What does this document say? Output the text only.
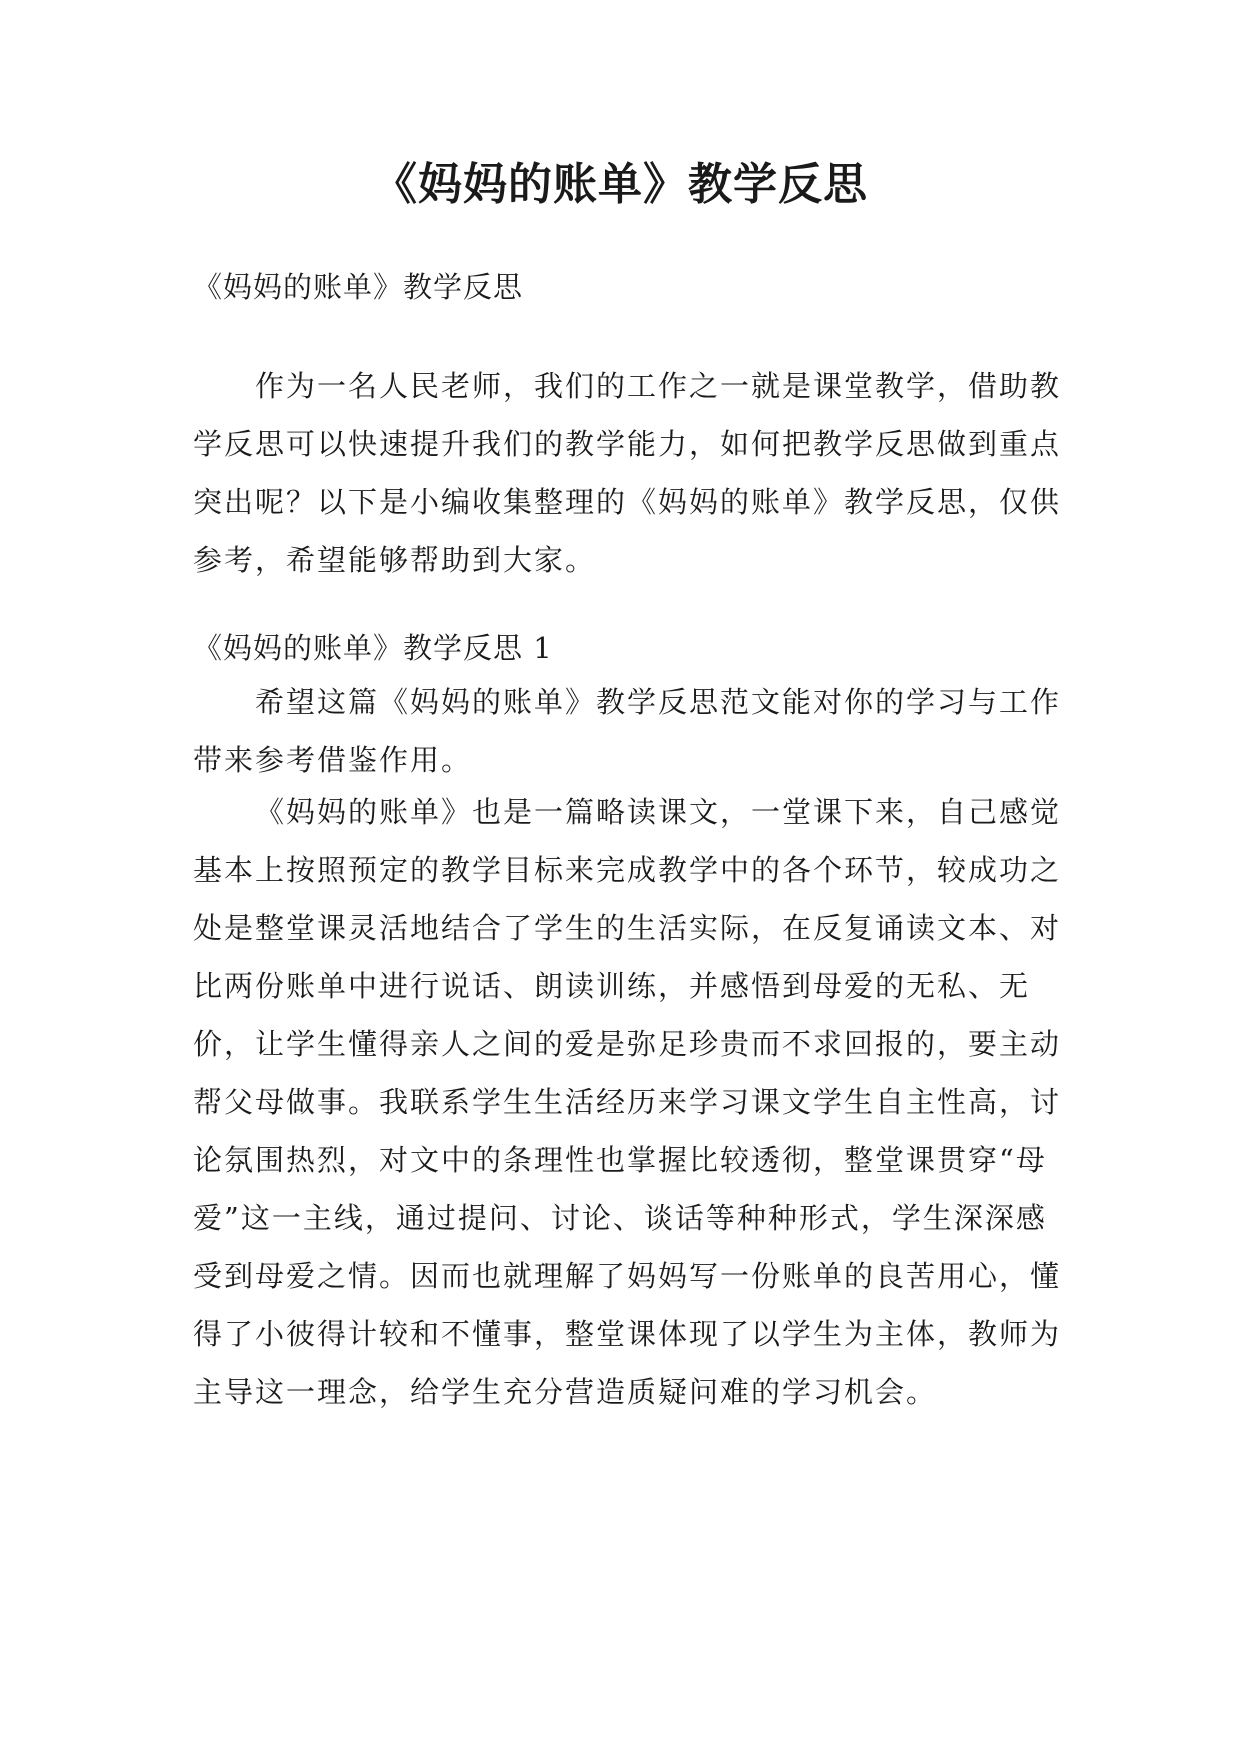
《妈妈的账单》教学反思

《妈妈的账单》教学反思

作为一名人民老师，我们的工作之一就是课堂教学，借助教学反思可以快速提升我们的教学能力，如何把教学反思做到重点突出呢？以下是小编收集整理的《妈妈的账单》教学反思，仅供参考，希望能够帮助到大家。

《妈妈的账单》教学反思 1

希望这篇《妈妈的账单》教学反思范文能对你的学习与工作带来参考借鉴作用。

《妈妈的账单》也是一篇略读课文，一堂课下来，自己感觉基本上按照预定的教学目标来完成教学中的各个环节，较成功之处是整堂课灵活地结合了学生的生活实际，在反复诵读文本、对比两份账单中进行说话、朗读训练，并感悟到母爱的无私、无价，让学生懂得亲人之间的爱是弥足珍贵而不求回报的，要主动帮父母做事。我联系学生生活经历来学习课文学生自主性高，讨论氛围热烈，对文中的条理性也掌握比较透彻，整堂课贯穿“母爱”这一主线，通过提问、讨论、谈话等种种形式，学生深深感受到母爱之情。因而也就理解了妈妈写一份账单的良苦用心，懂得了小彼得计较和不懂事，整堂课体现了以学生为主体，教师为主导这一理念，给学生充分营造质疑问难的学习机会。
